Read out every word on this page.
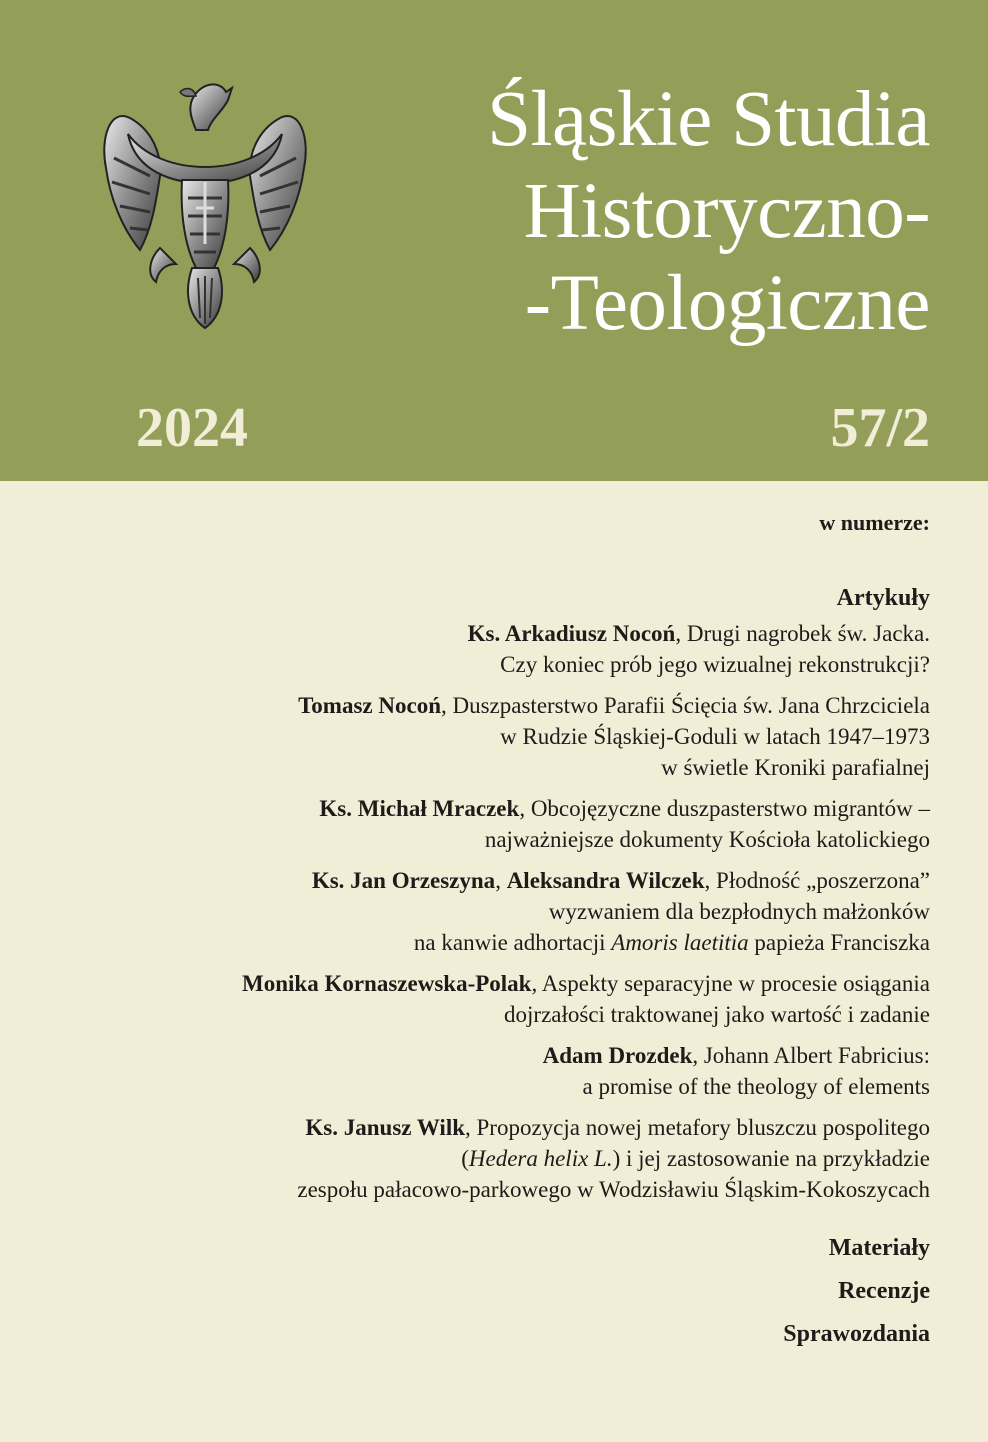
Śląskie Studia
Historyczno-
-Teologiczne
2024	57/2
w numerze:
Artykuły
Ks. Arkadiusz Nocoń, Drugi nagrobek św. Jacka.
Czy koniec prób jego wizualnej rekonstrukcji?
Tomasz Nocoń, Duszpasterstwo Parafii Ścięcia św. Jana Chrzciciela
w Rudzie Śląskiej-Goduli w latach 1947–1973
w świetle Kroniki parafialnej
Ks. Michał Mraczek, Obcojęzyczne duszpasterstwo migrantów –
najważniejsze dokumenty Kościoła katolickiego
Ks. Jan Orzeszyna, Aleksandra Wilczek, Płodność „poszerzona”
wyzwaniem dla bezpłodnych małżonków
na kanwie adhortacji Amoris laetitia papieża Franciszka
Monika Kornaszewska-Polak, Aspekty separacyjne w procesie osiągania
dojrzałości traktowanej jako wartość i zadanie
Adam Drozdek, Johann Albert Fabricius:
a promise of the theology of elements
Ks. Janusz Wilk, Propozycja nowej metafory bluszczu pospolitego
(Hedera helix L.) i jej zastosowanie na przykładzie
zespołu pałacowo-parkowego w Wodzisławiu Śląskim-Kokoszycach
Materiały
Recenzje
Sprawozdania
